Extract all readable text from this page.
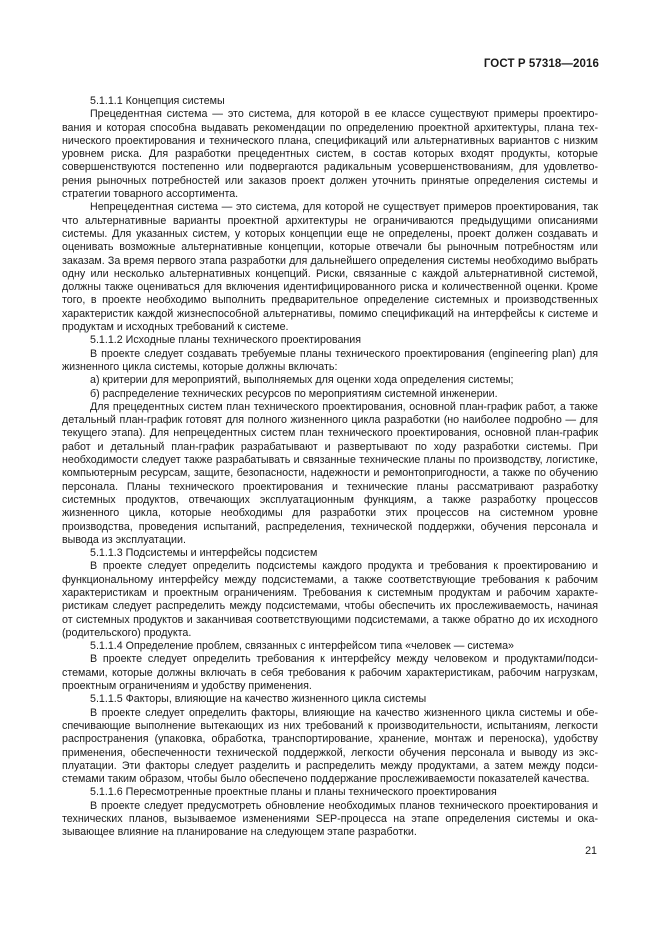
ГОСТ Р 57318—2016

5.1.1.1 Концепция системы

Прецедентная система — это система, для которой в ее классе существуют примеры проектирования и которая способна выдавать рекомендации по определению проектной архитектуры, плана технического проектирования и технического плана, спецификаций или альтернативных вариантов с низким уровнем риска. Для разработки прецедентных систем, в состав которых входят продукты, которые совершенствуются постепенно или подвергаются радикальным усовершенствованиям, для удовлетворения рыночных потребностей или заказов проект должен уточнить принятые определения системы и стратегии товарного ассортимента.

Непрецедентная система — это система, для которой не существует примеров проектирования, так что альтернативные варианты проектной архитектуры не ограничиваются предыдущими описаниями системы. Для указанных систем, у которых концепции еще не определены, проект должен создавать и оценивать возможные альтернативные концепции, которые отвечали бы рыночным потребностям или заказам. За время первого этапа разработки для дальнейшего определения системы необходимо выбрать одну или несколько альтернативных концепций. Риски, связанные с каждой альтернативной системой, должны также оцениваться для включения идентифицированного риска и количественной оценки. Кроме того, в проекте необходимо выполнить предварительное определение системных и производственных характеристик каждой жизнеспособной альтернативы, помимо спецификаций на интерфейсы к системе и продуктам и исходных требований к системе.

5.1.1.2 Исходные планы технического проектирования

В проекте следует создавать требуемые планы технического проектирования (engineering plan) для жизненного цикла системы, которые должны включать:

а) критерии для мероприятий, выполняемых для оценки хода определения системы;

б) распределение технических ресурсов по мероприятиям системной инженерии.

Для прецедентных систем план технического проектирования, основной план-график работ, а также детальный план-график готовят для полного жизненного цикла разработки (но наиболее подробно — для текущего этапа). Для непрецедентных систем план технического проектирования, основной план-график работ и детальный план-график разрабатывают и развертывают по ходу разработки системы. При необходимости следует также разрабатывать и связанные технические планы по производству, логистике, компьютерным ресурсам, защите, безопасности, надежности и ремонтопригодности, а также по обучению персонала. Планы технического проектирования и технические планы рассматривают разработку системных продуктов, отвечающих эксплуатационным функциям, а также разработку процессов жизненного цикла, которые необходимы для разработки этих процессов на системном уровне производства, проведения испытаний, распределения, технической поддержки, обучения персонала и вывода из эксплуатации.

5.1.1.3 Подсистемы и интерфейсы подсистем

В проекте следует определить подсистемы каждого продукта и требования к проектированию и функциональному интерфейсу между подсистемами, а также соответствующие требования к рабочим характеристикам и проектным ограничениям. Требования к системным продуктам и рабочим характеристикам следует распределить между подсистемами, чтобы обеспечить их прослеживаемость, начиная от системных продуктов и заканчивая соответствующими подсистемами, а также обратно до их исходного (родительского) продукта.

5.1.1.4 Определение проблем, связанных с интерфейсом типа «человек — система»

В проекте следует определить требования к интерфейсу между человеком и продуктами/подсистемами, которые должны включать в себя требования к рабочим характеристикам, рабочим нагрузкам, проектным ограничениям и удобству применения.

5.1.1.5 Факторы, влияющие на качество жизненного цикла системы

В проекте следует определить факторы, влияющие на качество жизненного цикла системы и обеспечивающие выполнение вытекающих из них требований к производительности, испытаниям, легкости распространения (упаковка, обработка, транспортирование, хранение, монтаж и переноска), удобству применения, обеспеченности технической поддержкой, легкости обучения персонала и выводу из эксплуатации. Эти факторы следует разделить и распределить между продуктами, а затем между подсистемами таким образом, чтобы было обеспечено поддержание прослеживаемости показателей качества.

5.1.1.6 Пересмотренные проектные планы и планы технического проектирования

В проекте следует предусмотреть обновление необходимых планов технического проектирования и технических планов, вызываемое изменениями SEP-процесса на этапе определения системы и оказывающее влияние на планирование на следующем этапе разработки.

21
